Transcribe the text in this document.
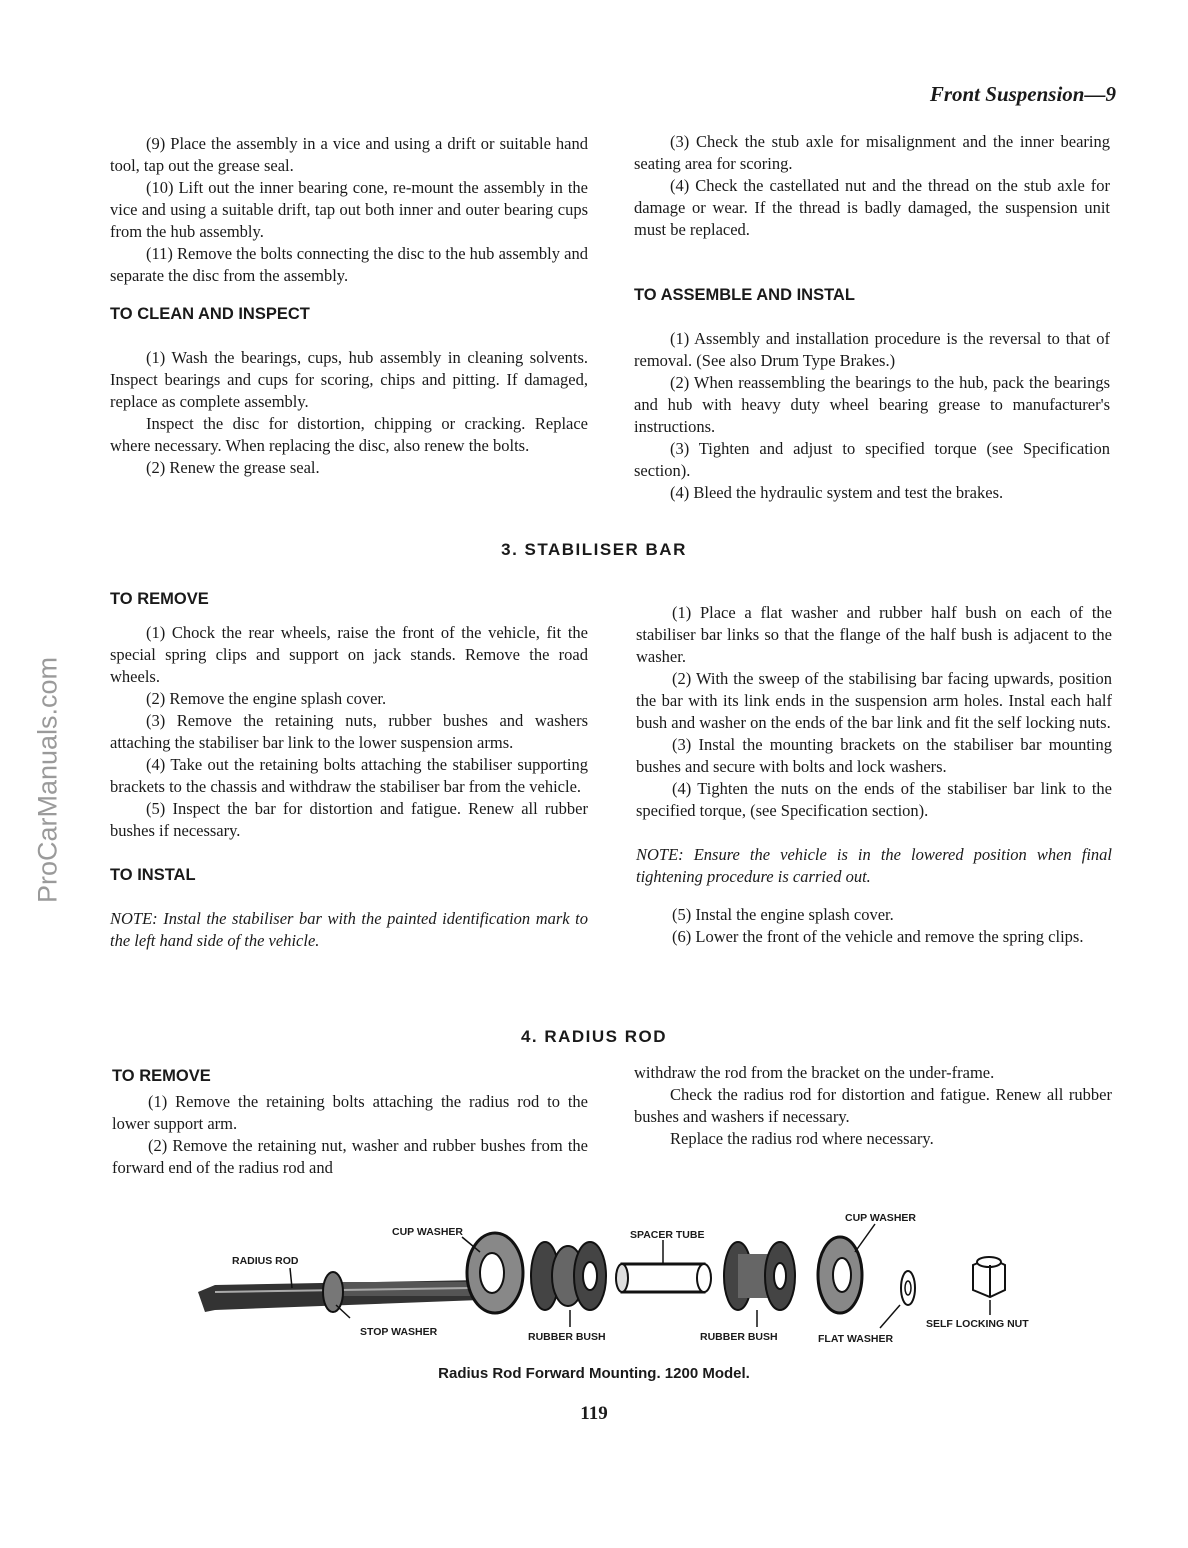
Front Suspension—9
ProCarManuals.com

(9) Place the assembly in a vice and using a drift or suitable hand tool, tap out the grease seal.

(10) Lift out the inner bearing cone, re-mount the assembly in the vice and using a suitable drift, tap out both inner and outer bearing cups from the hub assembly.

(11) Remove the bolts connecting the disc to the hub assembly and separate the disc from the assembly.

TO CLEAN AND INSPECT

(1) Wash the bearings, cups, hub assembly in cleaning solvents. Inspect bearings and cups for scoring, chips and pitting. If damaged, replace as complete assembly.

Inspect the disc for distortion, chipping or cracking. Replace where necessary. When replacing the disc, also renew the bolts.

(2) Renew the grease seal.

(3) Check the stub axle for misalignment and the inner bearing seating area for scoring.

(4) Check the castellated nut and the thread on the stub axle for damage or wear. If the thread is badly damaged, the suspension unit must be replaced.

TO ASSEMBLE AND INSTAL

(1) Assembly and installation procedure is the reversal to that of removal. (See also Drum Type Brakes.)

(2) When reassembling the bearings to the hub, pack the bearings and hub with heavy duty wheel bearing grease to manufacturer's instructions.

(3) Tighten and adjust to specified torque (see Specification section).

(4) Bleed the hydraulic system and test the brakes.

3. STABILISER BAR
TO REMOVE

(1) Chock the rear wheels, raise the front of the vehicle, fit the special spring clips and support on jack stands. Remove the road wheels.

(2) Remove the engine splash cover.

(3) Remove the retaining nuts, rubber bushes and washers attaching the stabiliser bar link to the lower suspension arms.

(4) Take out the retaining bolts attaching the stabiliser supporting brackets to the chassis and withdraw the stabiliser bar from the vehicle.

(5) Inspect the bar for distortion and fatigue. Renew all rubber bushes if necessary.

TO INSTAL

NOTE: Instal the stabiliser bar with the painted identification mark to the left hand side of the vehicle.

(1) Place a flat washer and rubber half bush on each of the stabiliser bar links so that the flange of the half bush is adjacent to the washer.

(2) With the sweep of the stabilising bar facing upwards, position the bar with its link ends in the suspension arm holes. Instal each half bush and washer on the ends of the bar link and fit the self locking nuts.

(3) Instal the mounting brackets on the stabiliser bar mounting bushes and secure with bolts and lock washers.

(4) Tighten the nuts on the ends of the stabiliser bar link to the specified torque, (see Specification section).

NOTE: Ensure the vehicle is in the lowered position when final tightening procedure is carried out.

(5) Instal the engine splash cover.

(6) Lower the front of the vehicle and remove the spring clips.

4. RADIUS ROD
TO REMOVE

(1) Remove the retaining bolts attaching the radius rod to the lower support arm.

(2) Remove the retaining nut, washer and rubber bushes from the forward end of the radius rod and

withdraw the rod from the bracket on the under-frame.

Check the radius rod for distortion and fatigue. Renew all rubber bushes and washers if necessary.

Replace the radius rod where necessary.

RADIUS ROD
CUP WASHER	SPACER TUBE
CUP WASHER
STOP WASHER	RUBBER BUSH	RUBBER BUSH	FLAT WASHER
SELF LOCKING NUT
Radius Rod Forward Mounting. 1200 Model.
119
